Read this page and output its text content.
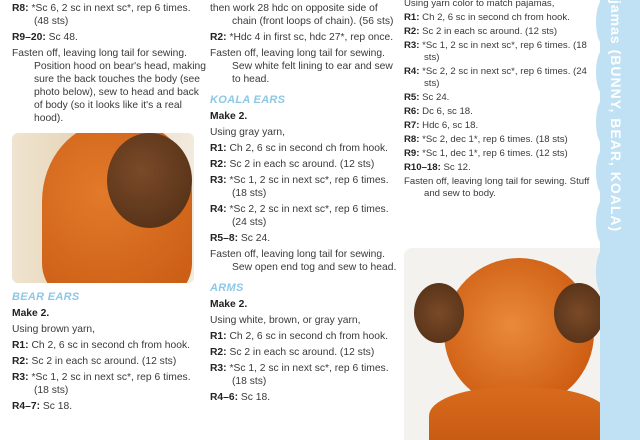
R8: *Sc 6, 2 sc in next sc*, rep 6 times. (48 sts)
R9–20: Sc 48.
Fasten off, leaving long tail for sewing. Position hood on bear's head, making sure the back touches the body (see photo below), sew to head and back of body (so it looks like it's a real hood).
BEAR EARS
Make 2.
Using brown yarn,
R1: Ch 2, 6 sc in second ch from hook.
R2: Sc 2 in each sc around. (12 sts)
R3: *Sc 1, 2 sc in next sc*, rep 6 times. (18 sts)
R4–7: Sc 18.
then work 28 hdc on opposite side of chain (front loops of chain). (56 sts)
R2: *Hdc 4 in first sc, hdc 27*, rep once.
Fasten off, leaving long tail for sewing. Sew white felt lining to ear and sew to head.
KOALA EARS
Make 2.
Using gray yarn,
R1: Ch 2, 6 sc in second ch from hook.
R2: Sc 2 in each sc around. (12 sts)
R3: *Sc 1, 2 sc in next sc*, rep 6 times. (18 sts)
R4: *Sc 2, 2 sc in next sc*, rep 6 times. (24 sts)
R5–8: Sc 24.
Fasten off, leaving long tail for sewing. Sew open end tog and sew to head.
ARMS
Make 2.
Using white, brown, or gray yarn,
R1: Ch 2, 6 sc in second ch from hook.
R2: Sc 2 in each sc around. (12 sts)
R3: *Sc 1, 2 sc in next sc*, rep 6 times. (18 sts)
R4–6: Sc 18.
Using yarn color to match pajamas,
R1: Ch 2, 6 sc in second ch from hook.
R2: Sc 2 in each sc around. (12 sts)
R3: *Sc 1, 2 sc in next sc*, rep 6 times. (18 sts)
R4: *Sc 2, 2 sc in next sc*, rep 6 times. (24 sts)
R5: Sc 24.
R6: Dc 6, sc 18.
R7: Hdc 6, sc 18.
R8: *Sc 2, dec 1*, rep 6 times. (18 sts)
R9: *Sc 1, dec 1*, rep 6 times. (12 sts)
R10–18: Sc 12.
Fasten off, leaving long tail for sewing. Stuff and sew to body.	jamas (BUNNY, BEAR, KOALA)
